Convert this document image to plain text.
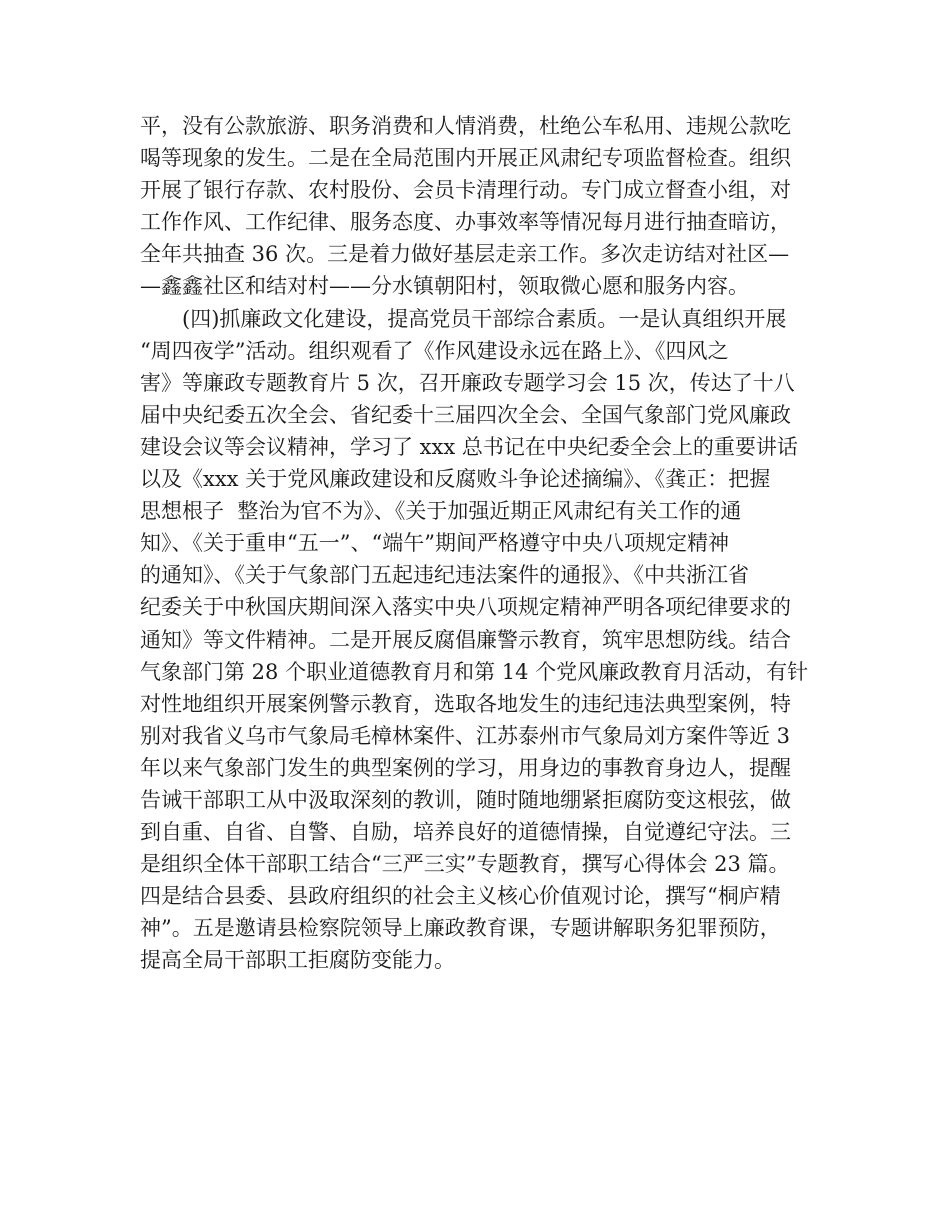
平，没有公款旅游、职务消费和人情消费，杜绝公车私用、违规公款吃
喝等现象的发生。二是在全局范围内开展正风肃纪专项监督检查。组织
开展了银行存款、农村股份、会员卡清理行动。专门成立督查小组，对
工作作风、工作纪律、服务态度、办事效率等情况每月进行抽查暗访，
全年共抽查 36 次。三是着力做好基层走亲工作。多次走访结对社区—
—鑫鑫社区和结对村——分水镇朝阳村，领取微心愿和服务内容。
(四)抓廉政文化建设，提高党员干部综合素质。一是认真组织开展
“周四夜学”活动。组织观看了《作风建设永远在路上》、《四风之
害》等廉政专题教育片 5 次，召开廉政专题学习会 15 次，传达了十八
届中央纪委五次全会、省纪委十三届四次全会、全国气象部门党风廉政
建设会议等会议精神，学习了 xxx 总书记在中央纪委全会上的重要讲话
以及《xxx 关于党风廉政建设和反腐败斗争论述摘编》、《龚正：把握
思想根子  整治为官不为》、《关于加强近期正风肃纪有关工作的通
知》、《关于重申“五一”、“端午”期间严格遵守中央八项规定精神
的通知》、《关于气象部门五起违纪违法案件的通报》、《中共浙江省
纪委关于中秋国庆期间深入落实中央八项规定精神严明各项纪律要求的
通知》等文件精神。二是开展反腐倡廉警示教育，筑牢思想防线。结合
气象部门第 28 个职业道德教育月和第 14 个党风廉政教育月活动，有针
对性地组织开展案例警示教育，选取各地发生的违纪违法典型案例，特
别对我省义乌市气象局毛樟林案件、江苏泰州市气象局刘方案件等近 3
年以来气象部门发生的典型案例的学习，用身边的事教育身边人，提醒
告诫干部职工从中汲取深刻的教训，随时随地绷紧拒腐防变这根弦，做
到自重、自省、自警、自励，培养良好的道德情操，自觉遵纪守法。三
是组织全体干部职工结合“三严三实”专题教育，撰写心得体会 23 篇。
四是结合县委、县政府组织的社会主义核心价值观讨论，撰写“桐庐精
神”。五是邀请县检察院领导上廉政教育课，专题讲解职务犯罪预防，
提高全局干部职工拒腐防变能力。
